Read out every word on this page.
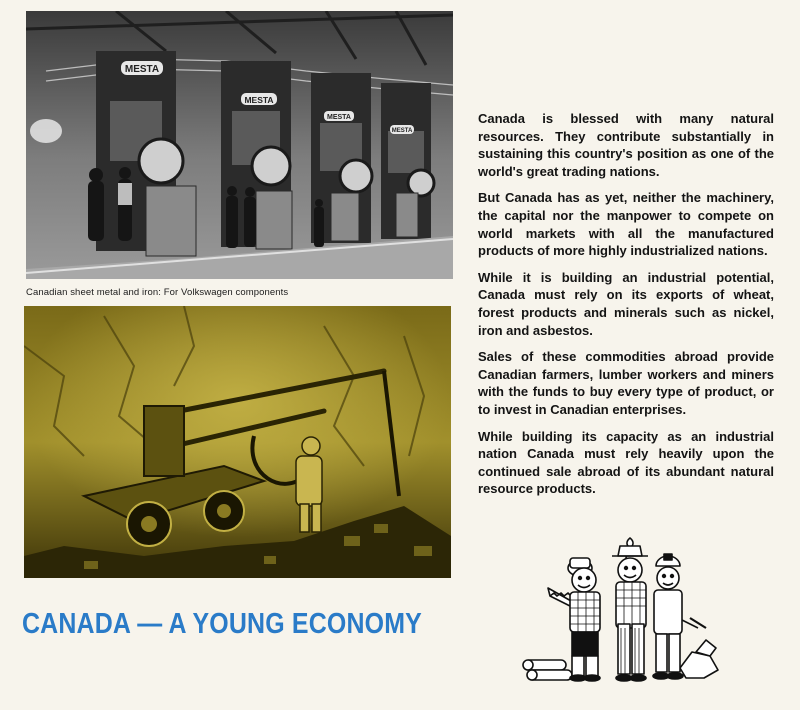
MESTA
MESTA
MESTA
MESTA
Canadian sheet metal and iron: For Volkswagen components

Canada is blessed with many natural resources. They contribute substantially in sustaining this country's position as one of the world's great trading nations.

But Canada has as yet, neither the machinery, the capital nor the manpower to compete on world markets with all the manufactured products of more highly industrialized nations.

While it is building an industrial potential, Canada must rely on its exports of wheat, forest products and minerals such as nickel, iron and asbestos.

Sales of these commodities abroad provide Canadian farmers, lumber workers and miners with the funds to buy every type of product, or to invest in Canadian enterprises.

While building its capacity as an industrial nation Canada must rely heavily upon the continued sale abroad of its abundant natural resource products.

CANADA — A YOUNG ECONOMY
